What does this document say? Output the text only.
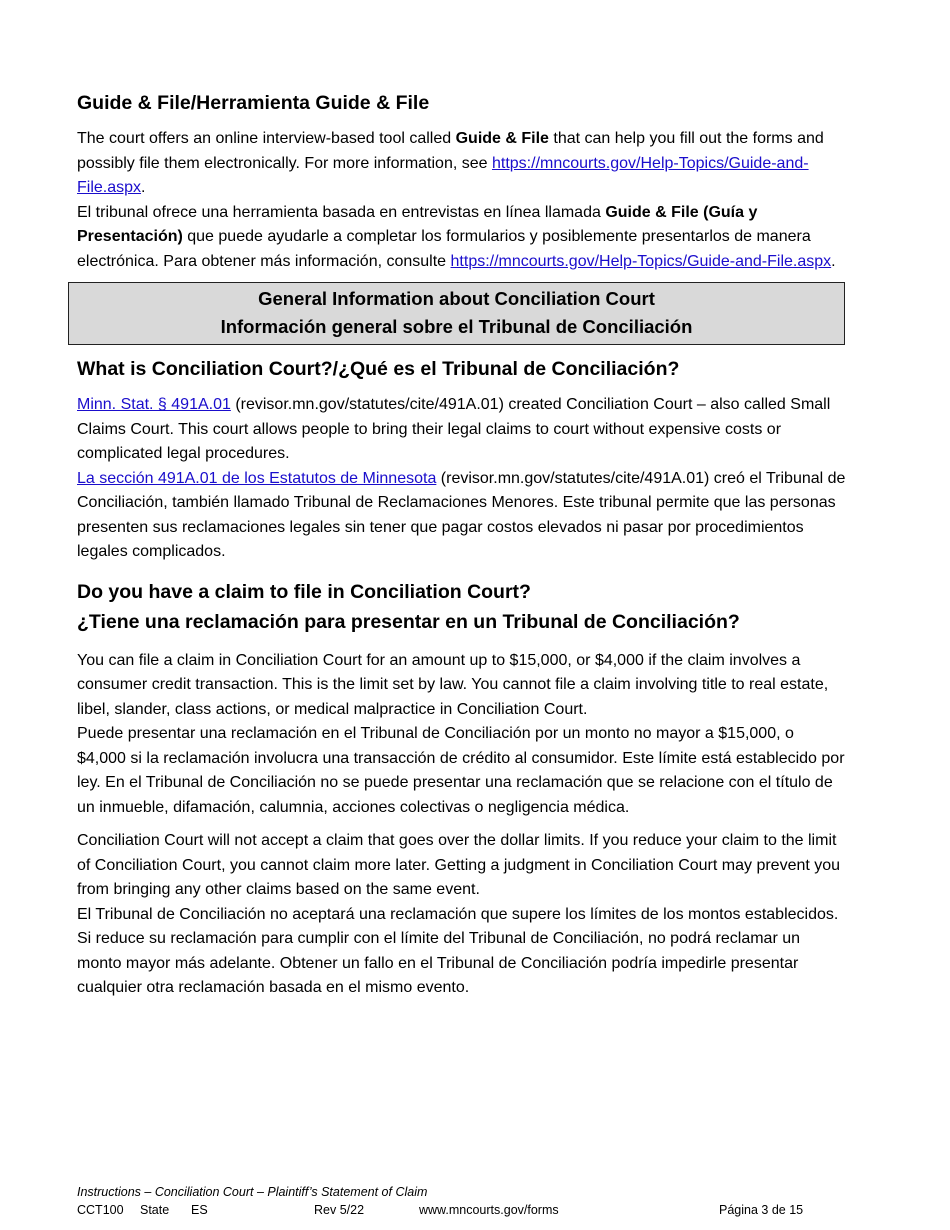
Guide & File/Herramienta Guide & File

The court offers an online interview-based tool called Guide & File that can help you fill out the forms and possibly file them electronically. For more information, see https://mncourts.gov/Help-Topics/Guide-and-File.aspx.

El tribunal ofrece una herramienta basada en entrevistas en línea llamada Guide & File (Guía y Presentación) que puede ayudarle a completar los formularios y posiblemente presentarlos de manera electrónica. Para obtener más información, consulte https://mncourts.gov/Help-Topics/Guide-and-File.aspx.

General Information about Conciliation Court
Información general sobre el Tribunal de Conciliación
What is Conciliation Court?/¿Qué es el Tribunal de Conciliación?

Minn. Stat. § 491A.01 (revisor.mn.gov/statutes/cite/491A.01) created Conciliation Court – also called Small Claims Court. This court allows people to bring their legal claims to court without expensive costs or complicated legal procedures.

La sección 491A.01 de los Estatutos de Minnesota (revisor.mn.gov/statutes/cite/491A.01) creó el Tribunal de Conciliación, también llamado Tribunal de Reclamaciones Menores. Este tribunal permite que las personas presenten sus reclamaciones legales sin tener que pagar costos elevados ni pasar por procedimientos legales complicados.

Do you have a claim to file in Conciliation Court?
¿Tiene una reclamación para presentar en un Tribunal de Conciliación?

You can file a claim in Conciliation Court for an amount up to $15,000, or $4,000 if the claim involves a consumer credit transaction. This is the limit set by law. You cannot file a claim involving title to real estate, libel, slander, class actions, or medical malpractice in Conciliation Court.

Puede presentar una reclamación en el Tribunal de Conciliación por un monto no mayor a $15,000, o $4,000 si la reclamación involucra una transacción de crédito al consumidor. Este límite está establecido por ley. En el Tribunal de Conciliación no se puede presentar una reclamación que se relacione con el título de un inmueble, difamación, calumnia, acciones colectivas o negligencia médica.

Conciliation Court will not accept a claim that goes over the dollar limits. If you reduce your claim to the limit of Conciliation Court, you cannot claim more later. Getting a judgment in Conciliation Court may prevent you from bringing any other claims based on the same event.

El Tribunal de Conciliación no aceptará una reclamación que supere los límites de los montos establecidos. Si reduce su reclamación para cumplir con el límite del Tribunal de Conciliación, no podrá reclamar un monto mayor más adelante. Obtener un fallo en el Tribunal de Conciliación podría impedirle presentar cualquier otra reclamación basada en el mismo evento.

Instructions – Conciliation Court – Plaintiff’s Statement of Claim
CCT100 State ES	Rev 5/22	www.mncourts.gov/forms	Página 3 de 15
